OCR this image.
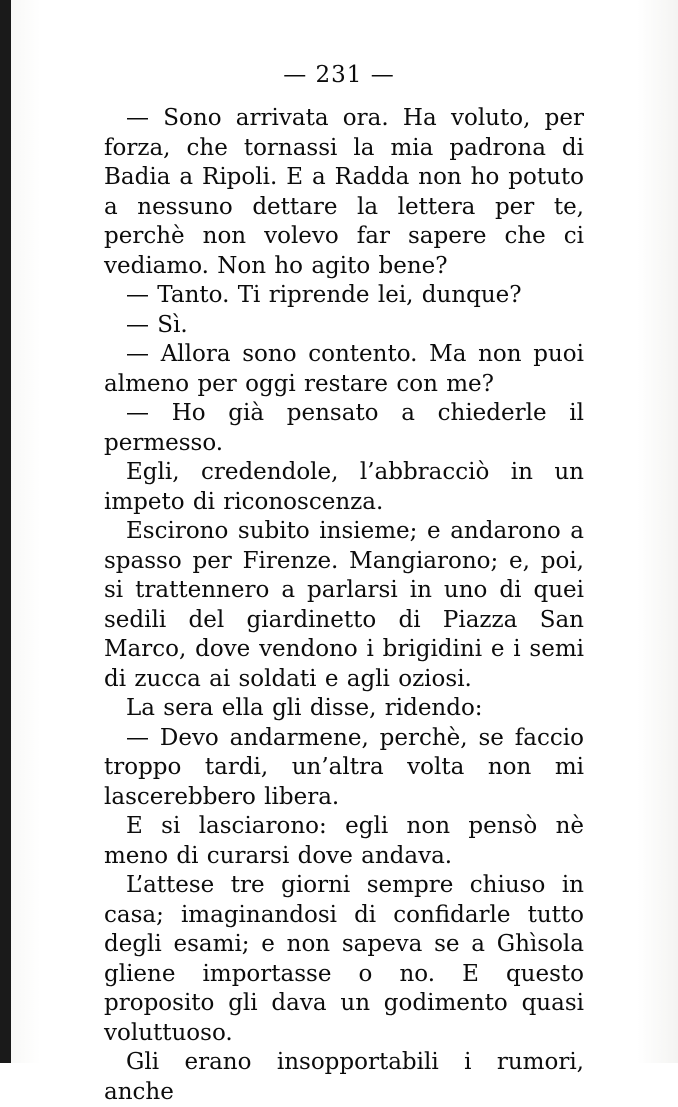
— 231 —

— Sono arrivata ora. Ha voluto, per forza, che tornassi la mia padrona di Badia a Ripoli. E a Radda non ho potuto a nessuno dettare la lettera per te, perchè non volevo far sapere che ci vediamo. Non ho agito bene?

— Tanto. Ti riprende lei, dunque?

— Sì.

— Allora sono contento. Ma non puoi almeno per oggi restare con me?

— Ho già pensato a chiederle il permesso.

Egli, credendole, l’abbracciò in un impeto di riconoscenza.

Escirono subito insieme; e andarono a spasso per Firenze. Mangiarono; e, poi, si trattennero a parlarsi in uno di quei sedili del giardinetto di Piazza San Marco, dove vendono i brigidini e i semi di zucca ai soldati e agli oziosi.

La sera ella gli disse, ridendo:

— Devo andarmene, perchè, se faccio troppo tardi, un’altra volta non mi lascerebbero libera.

E si lasciarono: egli non pensò nè meno di curarsi dove andava.

L’attese tre giorni sempre chiuso in casa; imaginandosi di confidarle tutto degli esami; e non sapeva se a Ghìsola gliene importasse o no. E questo proposito gli dava un godimento quasi voluttuoso.

Gli erano insopportabili i rumori, anche
